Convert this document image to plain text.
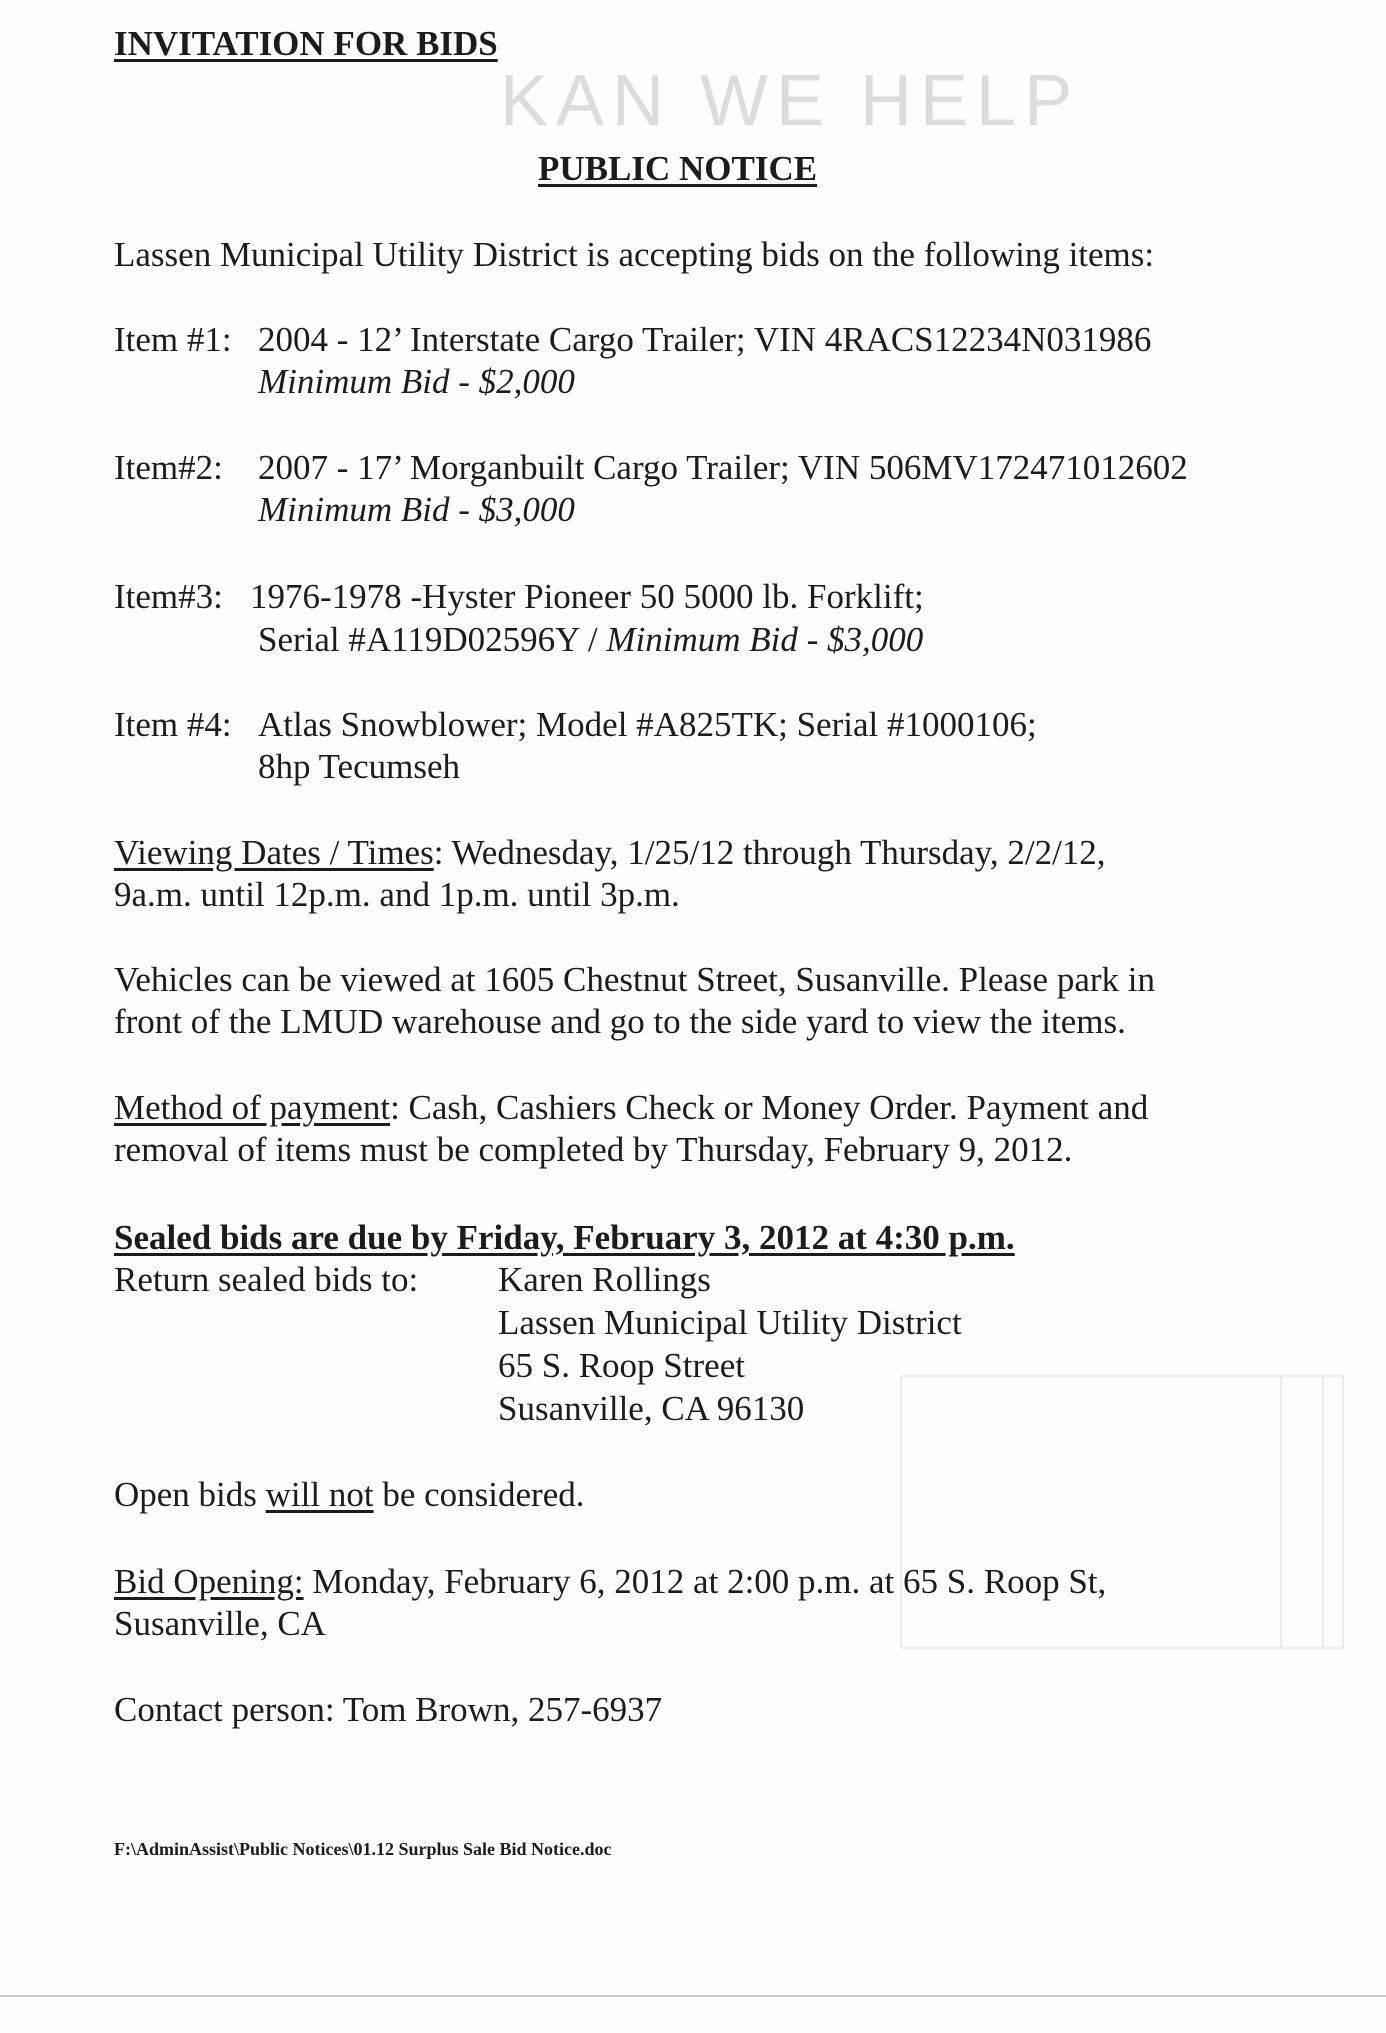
KAN WE HELP
INVITATION FOR BIDS
PUBLIC NOTICE
Lassen Municipal Utility District is accepting bids on the following items:
Item #1: 2004 - 12’ Interstate Cargo Trailer; VIN 4RACS12234N031986
Minimum Bid - $2,000
Item#2: 2007 - 17’ Morganbuilt Cargo Trailer; VIN 506MV172471012602
Minimum Bid - $3,000
Item#3: 1976-1978 -Hyster Pioneer 50 5000 lb. Forklift;
Serial #A119D02596Y / Minimum Bid - $3,000
Item #4: Atlas Snowblower; Model #A825TK; Serial #1000106;
8hp Tecumseh
Viewing Dates / Times: Wednesday, 1/25/12 through Thursday, 2/2/12,
9a.m. until 12p.m. and 1p.m. until 3p.m.
Vehicles can be viewed at 1605 Chestnut Street, Susanville. Please park in
front of the LMUD warehouse and go to the side yard to view the items.
Method of payment: Cash, Cashiers Check or Money Order. Payment and
removal of items must be completed by Thursday, February 9, 2012.
Sealed bids are due by Friday, February 3, 2012 at 4:30 p.m.
Return sealed bids to: Karen Rollings
Lassen Municipal Utility District
65 S. Roop Street
Susanville, CA 96130
Open bids will not be considered.
Bid Opening: Monday, February 6, 2012 at 2:00 p.m. at 65 S. Roop St,
Susanville, CA
Contact person: Tom Brown, 257-6937
F:\AdminAssist\Public Notices\01.12 Surplus Sale Bid Notice.doc
